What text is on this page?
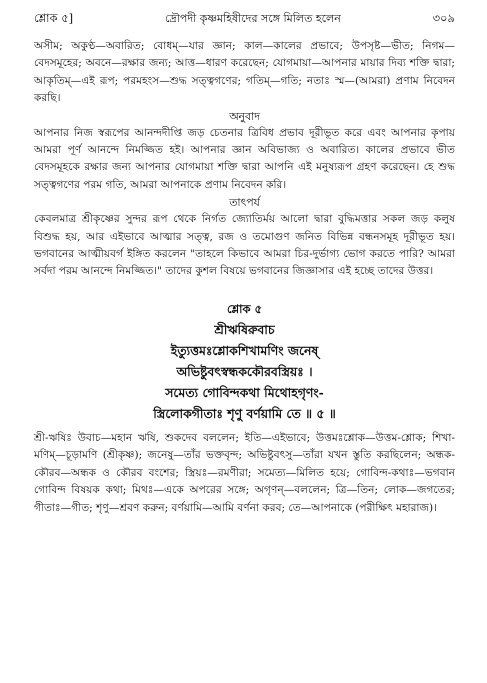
শ্লোক ৫]	দ্রৌপদী কৃষ্ণমহিষীদের সঙ্গে মিলিত হলেন	৩০৯

অসীম; অকুণ্ঠ—অবারিত; বোধম্—যার জ্ঞান; কাল—কালের প্রভাবে; উপসৃষ্ট—ভীত; নিগম—বেদসমূহের; অবনে—রক্ষার জন্য; আত্ত—ধারণ করেছেন; যোগমায়া—আপনার মায়ার দিব্য শক্তি দ্বারা; আকৃতিম্—এই রূপ; পরমহংস—শুদ্ধ সত্ত্বগণের; গতিম্—গতি; নতাঃ স্ম—(আমরা) প্রণাম নিবেদন করছি।

অনুবাদ

আপনার নিজ স্বরূপের আনন্দদীপ্তি জড় চেতনার ত্রিবিধ প্রভাব দূরীভূত করে এবং আপনার কৃপায় আমরা পূর্ণ আনন্দে নিমজ্জিত হই। আপনার জ্ঞান অবিভাজ্য ও অবারিত। কালের প্রভাবে ভীত বেদসমূহকে রক্ষার জন্য আপনার যোগমায়া শক্তি দ্বারা আপনি এই মনুষ্যরূপ গ্রহণ করেছেন। হে শুদ্ধ সত্ত্বগণের পরম গতি, আমরা আপনাকে প্রণাম নিবেদন করি।

তাৎপর্য

কেবলমাত্র শ্রীকৃষ্ণের সুন্দর রূপ থেকে নির্গত জ্যোতির্ময় আলো দ্বারা বুদ্ধিমত্তার সকল জড় কলুষ বিশুদ্ধ হয়, আর এইভাবে আত্মার সত্ত্ব, রজ ও তমোগুণ জনিত বিভিন্ন বন্ধনসমূহ দূরীভূত হয়। ভগবানের আত্মীয়বর্গ ইঙ্গিত করলেন "তাহলে কিভাবে আমরা চির-দুর্ভাগ্য ভোগ করতে পারি? আমরা সর্বদা পরম আনন্দে নিমজ্জিত।" তাদের কুশল বিষয়ে ভগবানের জিজ্ঞাসার এই হচ্ছে তাদের উত্তর।

শ্লোক ৫

শ্রীঋষিরুবাচ

ইত্যুত্তমঃশ্লোকশিখামণিং জনেষ্

অভিষ্টুবৎস্বন্ধককৌরবস্ত্রিয়ঃ ।

সমেত্য গোবিন্দকথা মিথোহগৃণং-

স্ত্রিলোকগীতাঃ শৃণু বর্ণয়ামি তে ॥ ৫ ॥

শ্রী-ঋষিঃ উবাচ—মহান ঋষি, শুকদেব বললেন; ইতি—এইভাবে; উত্তমঃশ্লোক—উত্তম-শ্লোক; শিখা-মণিম্—চূড়ামণি (শ্রীকৃষ্ণ); জনেষু—তাঁর ভক্তবৃন্দ; অভিষ্টুবৎসু—তাঁরা যখন স্তুতি করছিলেন; অন্ধক-কৌরব—অন্ধক ও কৌরব বংশের; স্ত্রিয়ঃ—রমণীরা; সমেত্য—মিলিত হয়ে; গোবিন্দ-কথাঃ—ভগবান গোবিন্দ বিষয়ক কথা; মিথঃ—একে অপরের সঙ্গে; অগৃণন্—বললেন; ত্রি—তিন; লোক—জগতের; গীতাঃ—গীত; শৃণু—শ্রবণ করুন; বর্ণয়ামি—আমি বর্ণনা করব; তে—আপনাকে (পরীক্ষিৎ মহারাজ)।
